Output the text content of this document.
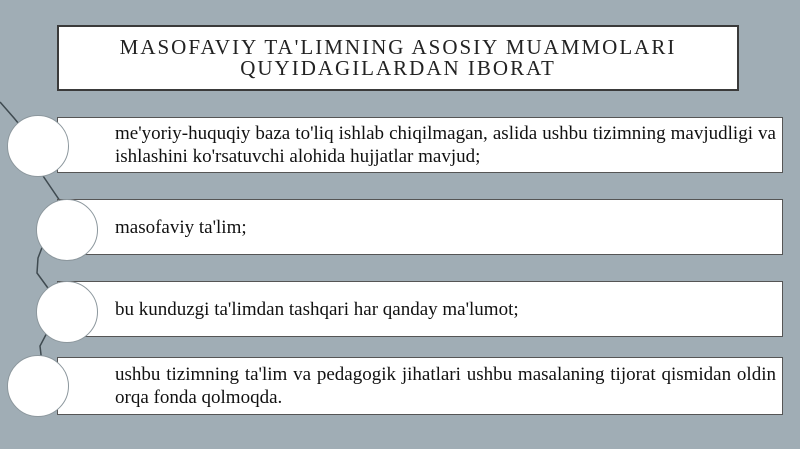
MASOFAVIY TA'LIMNING ASOSIY MUAMMOLARI
QUYIDAGILARDAN IBORAT
me'yoriy-huquqiy baza to'liq ishlab chiqilmagan, aslida ushbu tizimning mavjudligi va ishlashini ko'rsatuvchi alohida hujjatlar mavjud;
masofaviy ta'lim;
bu kunduzgi ta'limdan tashqari har qanday ma'lumot;
ushbu tizimning ta'lim va pedagogik jihatlari ushbu masalaning tijorat qismidan oldin orqa fonda qolmoqda.
